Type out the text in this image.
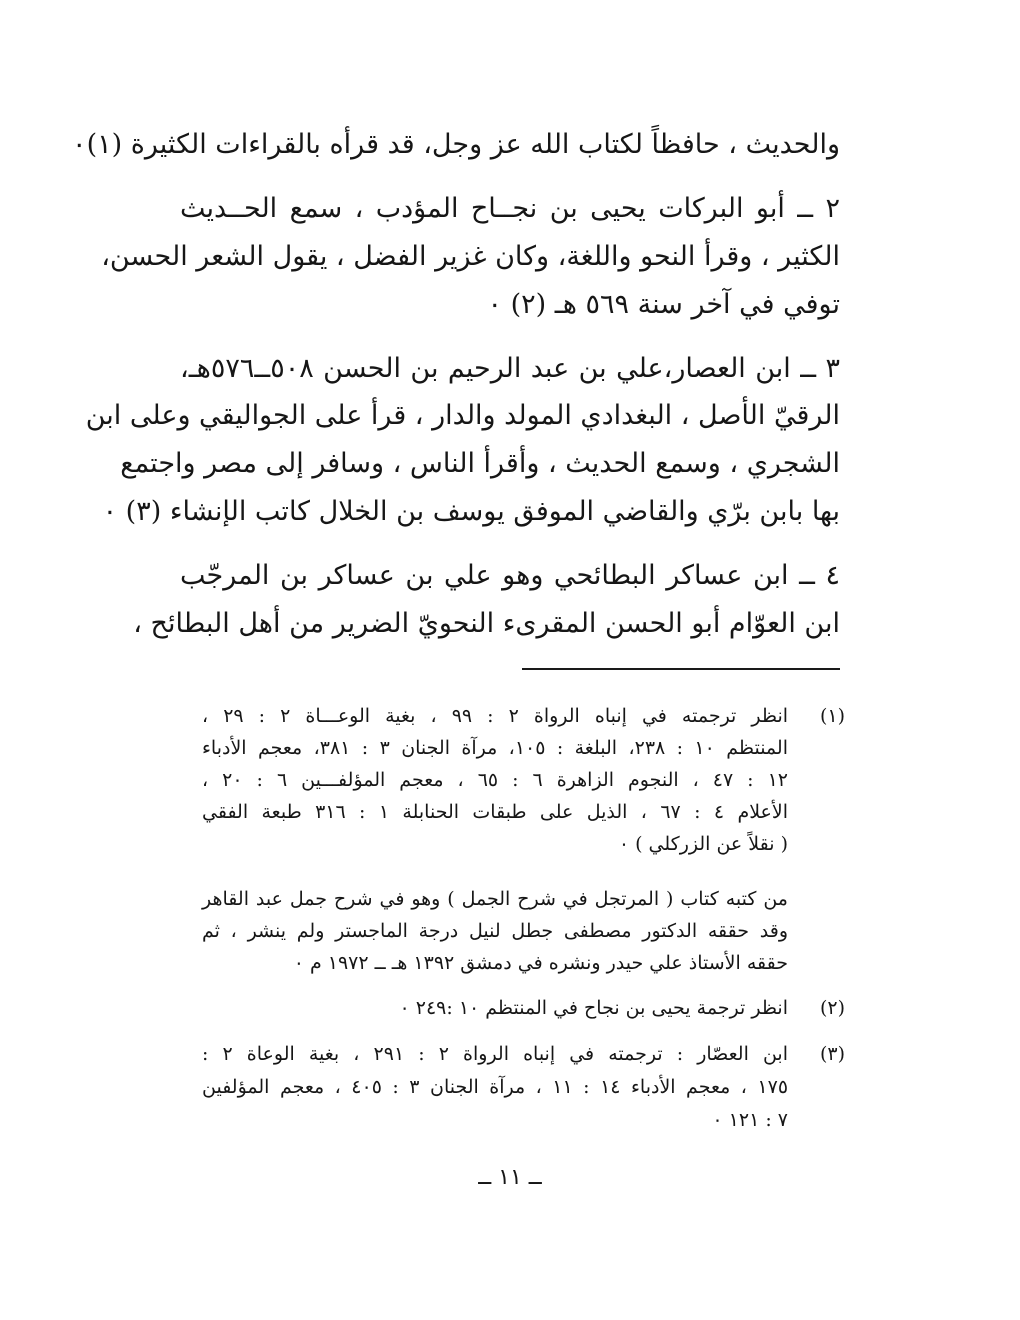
والحديث ، حافظاً لكتاب الله عز وجل، قد قرأه بالقراءات الكثيرة (١)٠
٢ ــ أبو البركات يحيى بن نجــاح المؤدب ، سمع الحــديث
الكثير ، وقرأ النحو واللغة، وكان غزير الفضل ، يقول الشعر الحسن،
توفي في آخر سنة ٥٦٩ هـ (٢) ٠
٣ ــ ابن العصار،علي بن عبد الرحيم بن الحسن ٥٠٨ــ٥٧٦هـ،
الرقيّ الأصل ، البغدادي المولد والدار ، قرأ على الجواليقي وعلى ابن
الشجري ، وسمع الحديث ، وأقرأ الناس ، وسافر إلى مصر واجتمع
بها بابن برّي والقاضي الموفق يوسف بن الخلال كاتب الإنشاء (٣) ٠
٤ ــ ابن عساكر البطائحي وهو علي بن عساكر بن المرجّب
ابن العوّام أبو الحسن المقرىء النحويّ الضرير من أهل البطائح ،
(١)
انظر ترجمته في إنباه الرواة ٢ : ٩٩ ، بغية الوعـــاة ٢ : ٢٩ ،
المنتظم ١٠ : ٢٣٨، البلغة : ١٠٥، مرآة الجنان ٣ : ٣٨١، معجم الأدباء
١٢ : ٤٧ ، النجوم الزاهرة ٦ : ٦٥ ، معجم المؤلفـــين ٦ : ٢٠ ،
الأعلام ٤ : ٦٧ ، الذيل على طبقات الحنابلة ١ : ٣١٦ طبعة الفقي
( نقلاً عن الزركلي ) ٠
من كتبه كتاب ( المرتجل في شرح الجمل ) وهو في شرح جمل عبد القاهر
وقد حققه الدكتور مصطفى جطل لنيل درجة الماجستر ولم ينشر ، ثم
حققه الأستاذ علي حيدر ونشره في دمشق ١٣٩٢ هـ ــ ١٩٧٢ م ٠
(٢)
انظر ترجمة يحيى بن نجاح في المنتظم ١٠ :٢٤٩ ٠
(٣)
ابن العصّار : ترجمته في إنباه الرواة ٢ : ٢٩١ ، بغية الوعاة ٢ :
١٧٥ ، معجم الأدباء ١٤ : ١١ ، مرآة الجنان ٣ : ٤٠٥ ، معجم المؤلفين
٧ : ١٢١ ٠
ــ ١١ ــ
